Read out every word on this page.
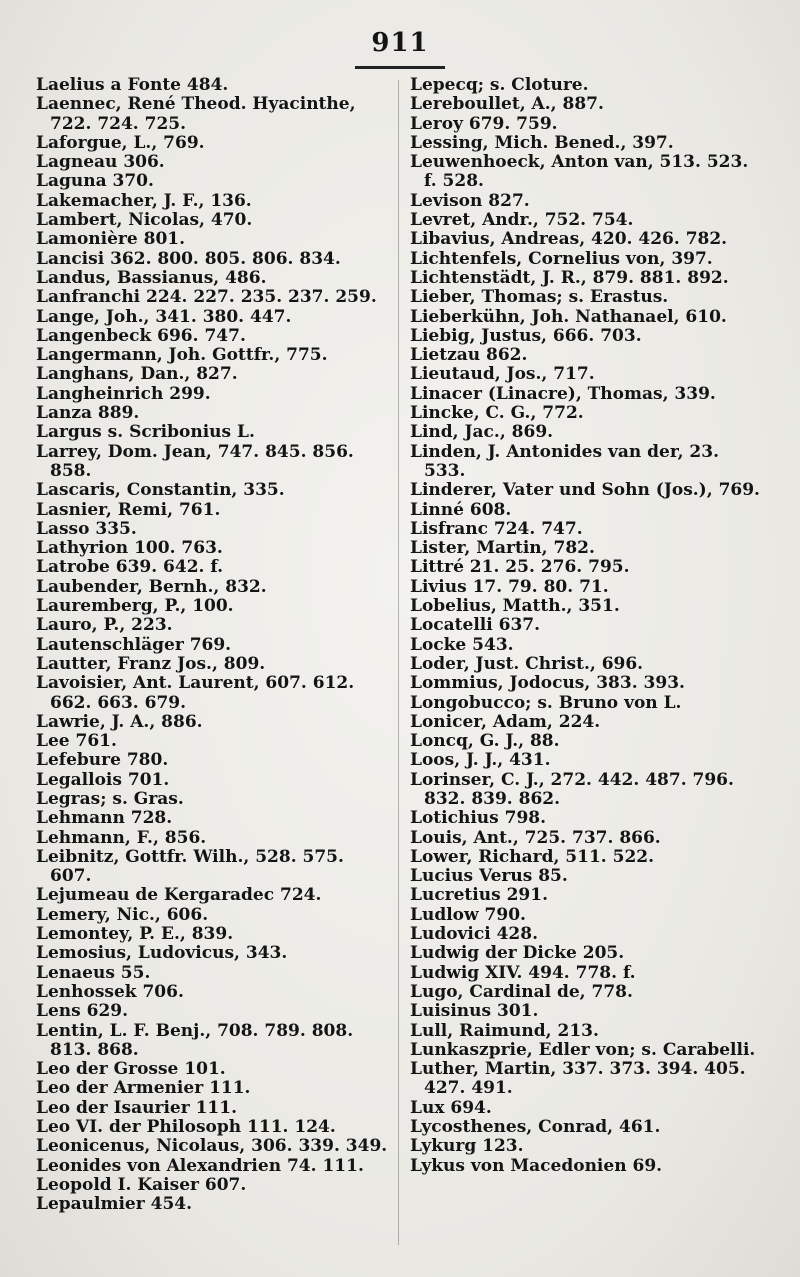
911
Laelius a Fonte 484.
Laennec, René Theod. Hyacinthe, 722. 724. 725.
Laforgue, L., 769.
Lagneau 306.
Laguna 370.
Lakemacher, J. F., 136.
Lambert, Nicolas, 470.
Lamonière 801.
Lancisi 362. 800. 805. 806. 834.
Landus, Bassianus, 486.
Lanfranchi 224. 227. 235. 237. 259.
Lange, Joh., 341. 380. 447.
Langenbeck 696. 747.
Langermann, Joh. Gottfr., 775.
Langhans, Dan., 827.
Langheinrich 299.
Lanza 889.
Largus s. Scribonius L.
Larrey, Dom. Jean, 747. 845. 856. 858.
Lascaris, Constantin, 335.
Lasnier, Remi, 761.
Lasso 335.
Lathyrion 100. 763.
Latrobe 639. 642. f.
Laubender, Bernh., 832.
Lauremberg, P., 100.
Lauro, P., 223.
Lautenschläger 769.
Lautter, Franz Jos., 809.
Lavoisier, Ant. Laurent, 607. 612. 662. 663. 679.
Lawrie, J. A., 886.
Lee 761.
Lefebure 780.
Legallois 701.
Legras; s. Gras.
Lehmann 728.
Lehmann, F., 856.
Leibnitz, Gottfr. Wilh., 528. 575. 607.
Lejumeau de Kergaradec 724.
Lemery, Nic., 606.
Lemontey, P. E., 839.
Lemosius, Ludovicus, 343.
Lenaeus 55.
Lenhossek 706.
Lens 629.
Lentin, L. F. Benj., 708. 789. 808. 813. 868.
Leo der Grosse 101.
Leo der Armenier 111.
Leo der Isaurier 111.
Leo VI. der Philosoph 111. 124.
Leonicenus, Nicolaus, 306. 339. 349.
Leonides von Alexandrien 74. 111.
Leopold I. Kaiser 607.
Lepaulmier 454.
Lepecq; s. Cloture.
Lereboullet, A., 887.
Leroy 679. 759.
Lessing, Mich. Bened., 397.
Leuwenhoeck, Anton van, 513. 523. f. 528.
Levison 827.
Levret, Andr., 752. 754.
Libavius, Andreas, 420. 426. 782.
Lichtenfels, Cornelius von, 397.
Lichtenstädt, J. R., 879. 881. 892.
Lieber, Thomas; s. Erastus.
Lieberkühn, Joh. Nathanael, 610.
Liebig, Justus, 666. 703.
Lietzau 862.
Lieutaud, Jos., 717.
Linacer (Linacre), Thomas, 339.
Lincke, C. G., 772.
Lind, Jac., 869.
Linden, J. Antonides van der, 23. 533.
Linderer, Vater und Sohn (Jos.), 769.
Linné 608.
Lisfranc 724. 747.
Lister, Martin, 782.
Littré 21. 25. 276. 795.
Livius 17. 79. 80. 71.
Lobelius, Matth., 351.
Locatelli 637.
Locke 543.
Loder, Just. Christ., 696.
Lommius, Jodocus, 383. 393.
Longobucco; s. Bruno von L.
Lonicer, Adam, 224.
Loncq, G. J., 88.
Loos, J. J., 431.
Lorinser, C. J., 272. 442. 487. 796. 832. 839. 862.
Lotichius 798.
Louis, Ant., 725. 737. 866.
Lower, Richard, 511. 522.
Lucius Verus 85.
Lucretius 291.
Ludlow 790.
Ludovici 428.
Ludwig der Dicke 205.
Ludwig XIV. 494. 778. f.
Lugo, Cardinal de, 778.
Luisinus 301.
Lull, Raimund, 213.
Lunkaszprie, Edler von; s. Carabelli.
Luther, Martin, 337. 373. 394. 405. 427. 491.
Lux 694.
Lycosthenes, Conrad, 461.
Lykurg 123.
Lykus von Macedonien 69.
